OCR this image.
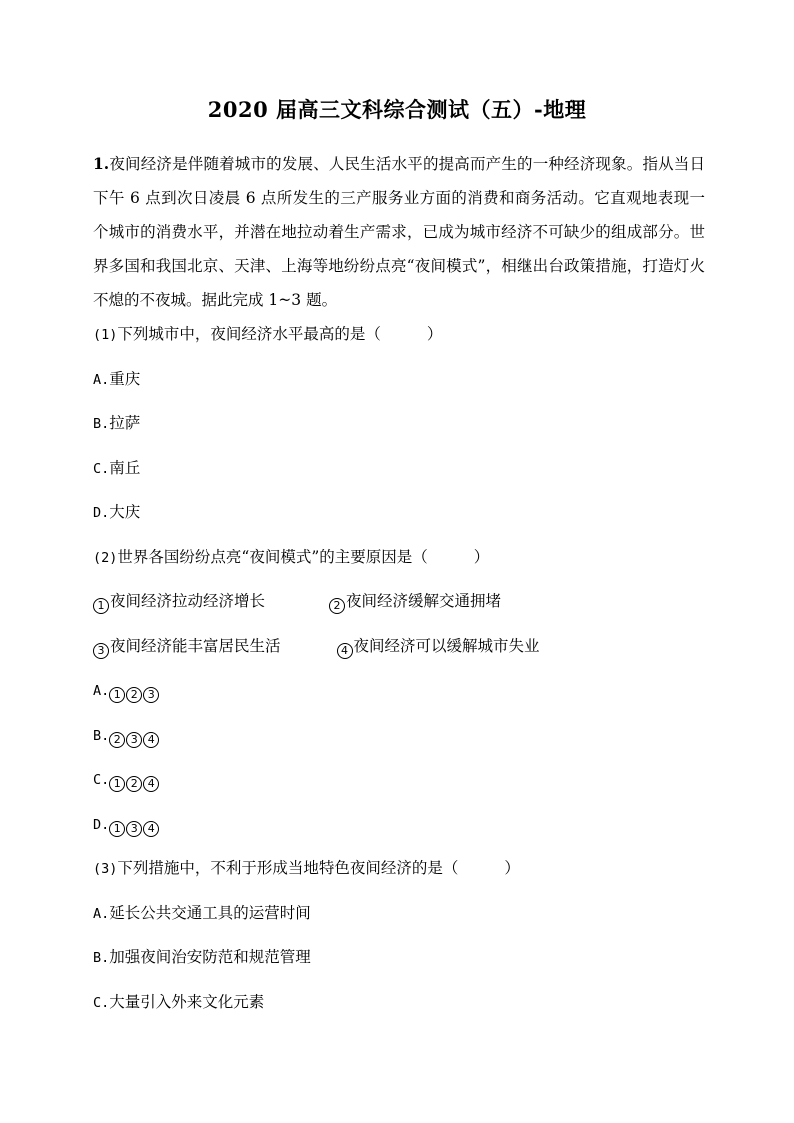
2020 届高三文科综合测试（五）-地理
1.夜间经济是伴随着城市的发展、人民生活水平的提高而产生的一种经济现象。指从当日下午 6 点到次日凌晨 6 点所发生的三产服务业方面的消费和商务活动。它直观地表现一个城市的消费水平，并潜在地拉动着生产需求，已成为城市经济不可缺少的组成部分。世界多国和我国北京、天津、上海等地纷纷点亮“夜间模式”，相继出台政策措施，打造灯火不熄的不夜城。据此完成 1~3 题。
(1)下列城市中，夜间经济水平最高的是（	）
A.重庆
B.拉萨
C.南丘
D.大庆
(2)世界各国纷纷点亮“夜间模式”的主要原因是（	）
1 夜间经济拉动经济增长	2 夜间经济缓解交通拥堵
3 夜间经济能丰富居民生活	4 夜间经济可以缓解城市失业
A. 1 2 3
B. 2 3 4
C. 1 2 4
D. 1 3 4
(3)下列措施中，不利于形成当地特色夜间经济的是（	）
A.延长公共交通工具的运营时间
B.加强夜间治安防范和规范管理
C.大量引入外来文化元素
